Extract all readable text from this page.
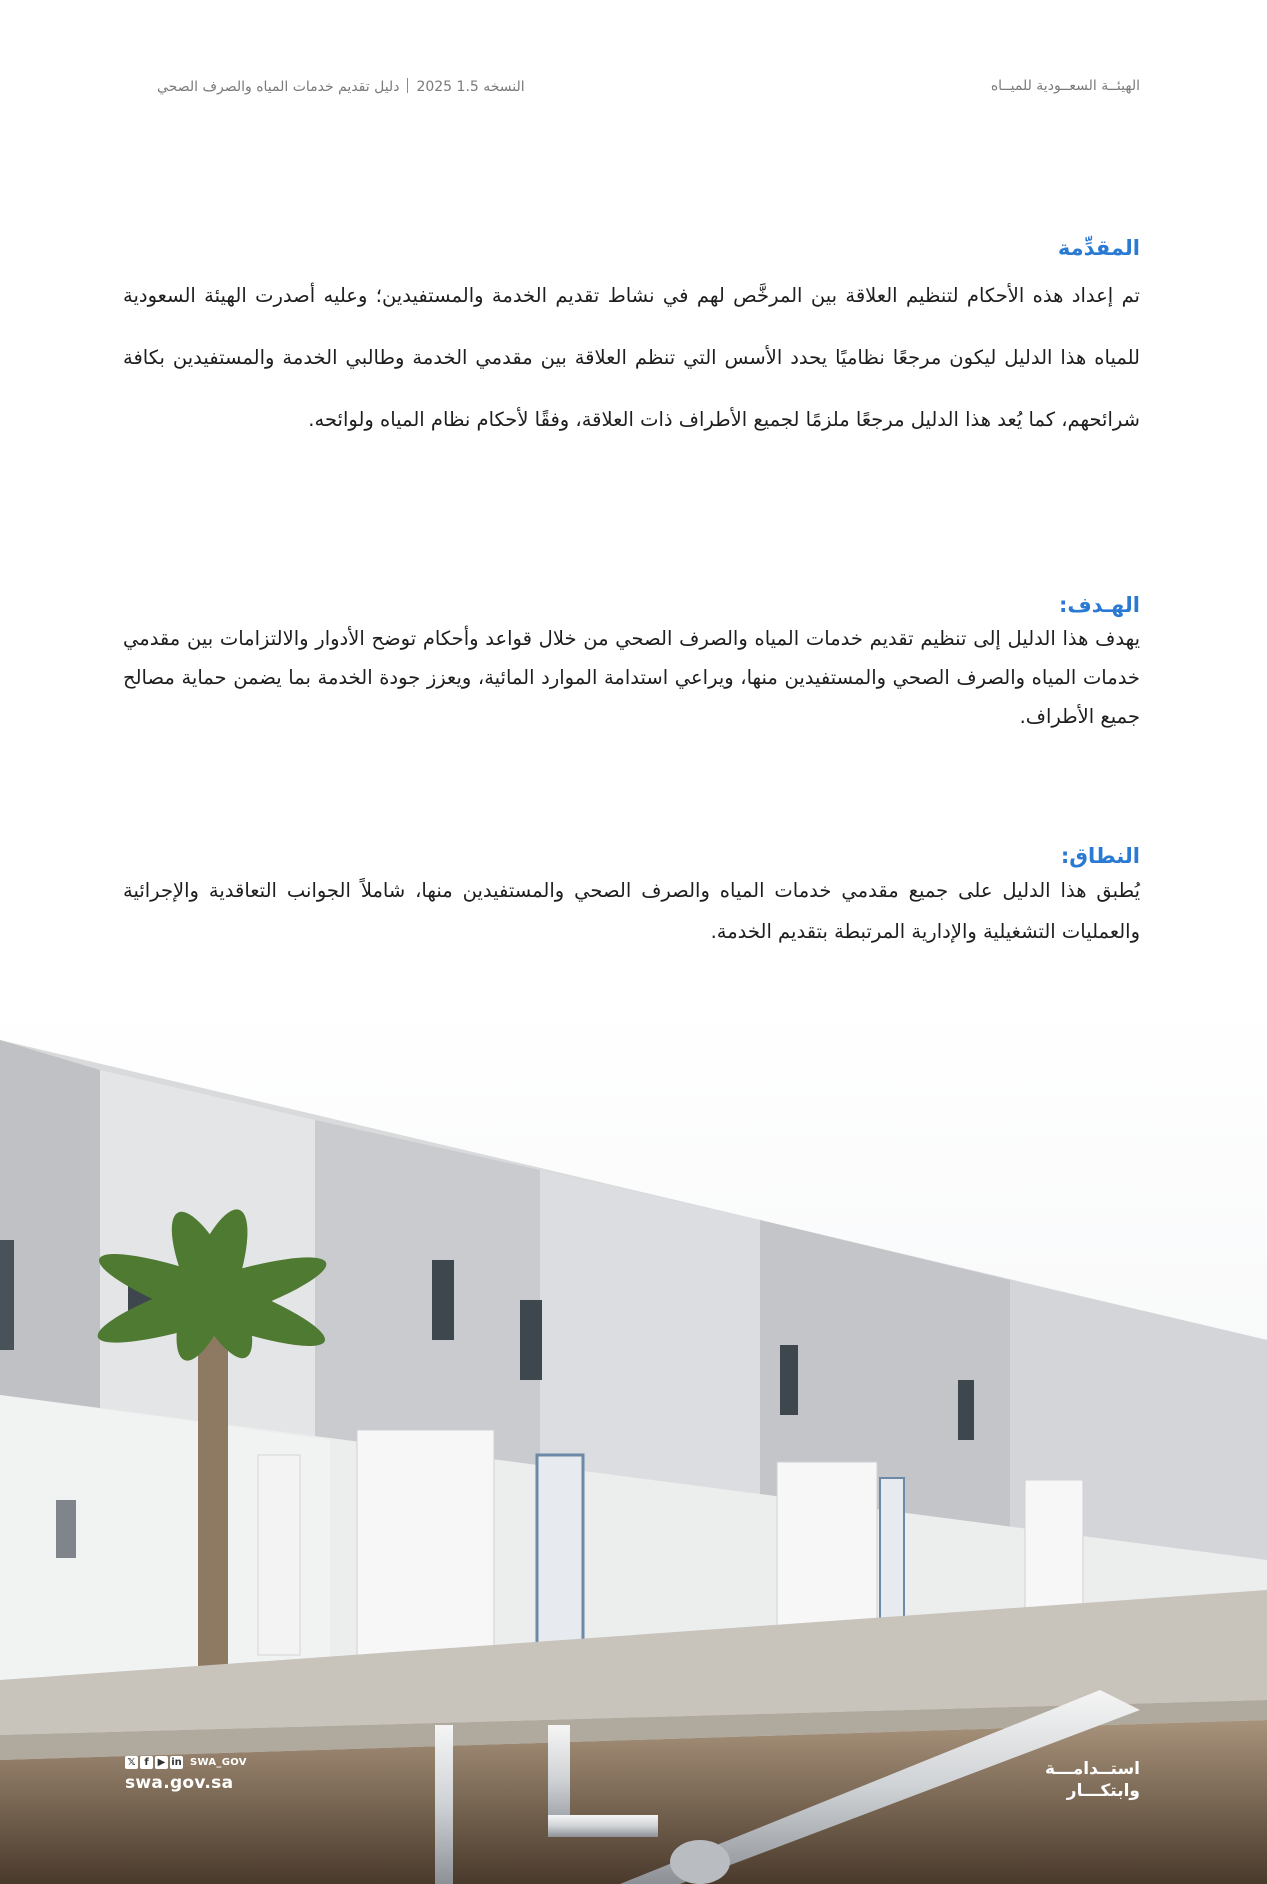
النسخه 1.5 2025دليل تقديم خدمات المياه والصرف الصحي	الهيئــة السعــودية للميــاه
المقدِّمة

تم إعداد هذه الأحكام لتنظيم العلاقة بين المرخَّص لهم في نشاط تقديم الخدمة والمستفيدين؛ وعليه أصدرت الهيئة السعودية للمياه هذا الدليل ليكون مرجعًا نظاميًا يحدد الأسس التي تنظم العلاقة بين مقدمي الخدمة وطالبي الخدمة والمستفيدين بكافة شرائحهم، كما يُعد هذا الدليل مرجعًا ملزمًا لجميع الأطراف ذات العلاقة، وفقًا لأحكام نظام المياه ولوائحه.

الهـدف:

يهدف هذا الدليل إلى تنظيم تقديم خدمات المياه والصرف الصحي من خلال قواعد وأحكام توضح الأدوار والالتزامات بين مقدمي خدمات المياه والصرف الصحي والمستفيدين منها، ويراعي استدامة الموارد المائية، ويعزز جودة الخدمة بما يضمن حماية مصالح جميع الأطراف.

النطاق:

يُطبق هذا الدليل على جميع مقدمي خدمات المياه والصرف الصحي والمستفيدين منها، شاملاً الجوانب التعاقدية والإجرائية والعمليات التشغيلية والإدارية المرتبطة بتقديم الخدمة.

𝕏 f ▶ in SWA_GOV
swa.gov.sa
استــدامـــة
وابتكـــار
